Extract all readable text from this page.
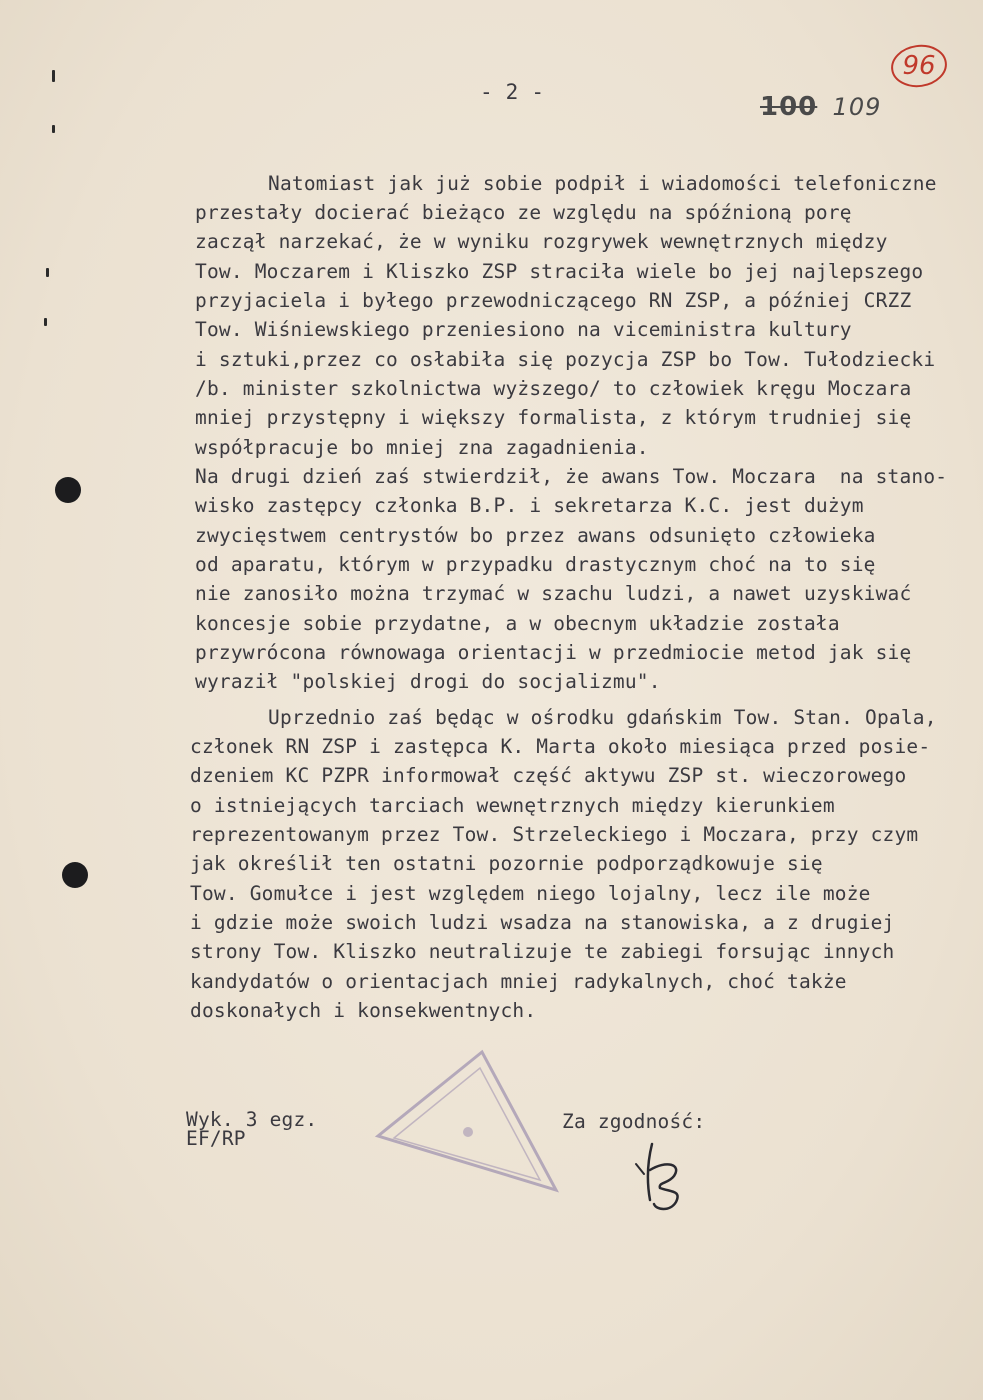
96
- 2 -	100 109
Natomiast jak już sobie podpił i wiadomości telefoniczne
przestały docierać bieżąco ze względu na spóźnioną porę
zaczął narzekać, że w wyniku rozgrywek wewnętrznych między
Tow. Moczarem i Kliszko ZSP straciła wiele bo jej najlepszego
przyjaciela i byłego przewodniczącego RN ZSP, a później CRZZ
Tow. Wiśniewskiego przeniesiono na viceministra kultury
i sztuki,przez co osłabiła się pozycja ZSP bo Tow. Tułodziecki
/b. minister szkolnictwa wyższego/ to człowiek kręgu Moczara
mniej przystępny i większy formalista, z którym trudniej się
współpracuje bo mniej zna zagadnienia.
Na drugi dzień zaś stwierdził, że awans Tow. Moczara  na stano-
wisko zastępcy członka B.P. i sekretarza K.C. jest dużym
zwycięstwem centrystów bo przez awans odsunięto człowieka
od aparatu, którym w przypadku drastycznym choć na to się
nie zanosiło można trzymać w szachu ludzi, a nawet uzyskiwać
koncesje sobie przydatne, a w obecnym układzie została
przywrócona równowaga orientacji w przedmiocie metod jak się
wyraził "polskiej drogi do socjalizmu".
Uprzednio zaś będąc w ośrodku gdańskim Tow. Stan. Opala,
członek RN ZSP i zastępca K. Marta około miesiąca przed posie-
dzeniem KC PZPR informował część aktywu ZSP st. wieczorowego
o istniejących tarciach wewnętrznych między kierunkiem
reprezentowanym przez Tow. Strzeleckiego i Moczara, przy czym
jak określił ten ostatni pozornie podporządkowuje się
Tow. Gomułce i jest względem niego lojalny, lecz ile może
i gdzie może swoich ludzi wsadza na stanowiska, a z drugiej
strony Tow. Kliszko neutralizuje te zabiegi forsując innych
kandydatów o orientacjach mniej radykalnych, choć także
doskonałych i konsekwentnych.
Wyk. 3 egz.
EF/RP
Za zgodność:
